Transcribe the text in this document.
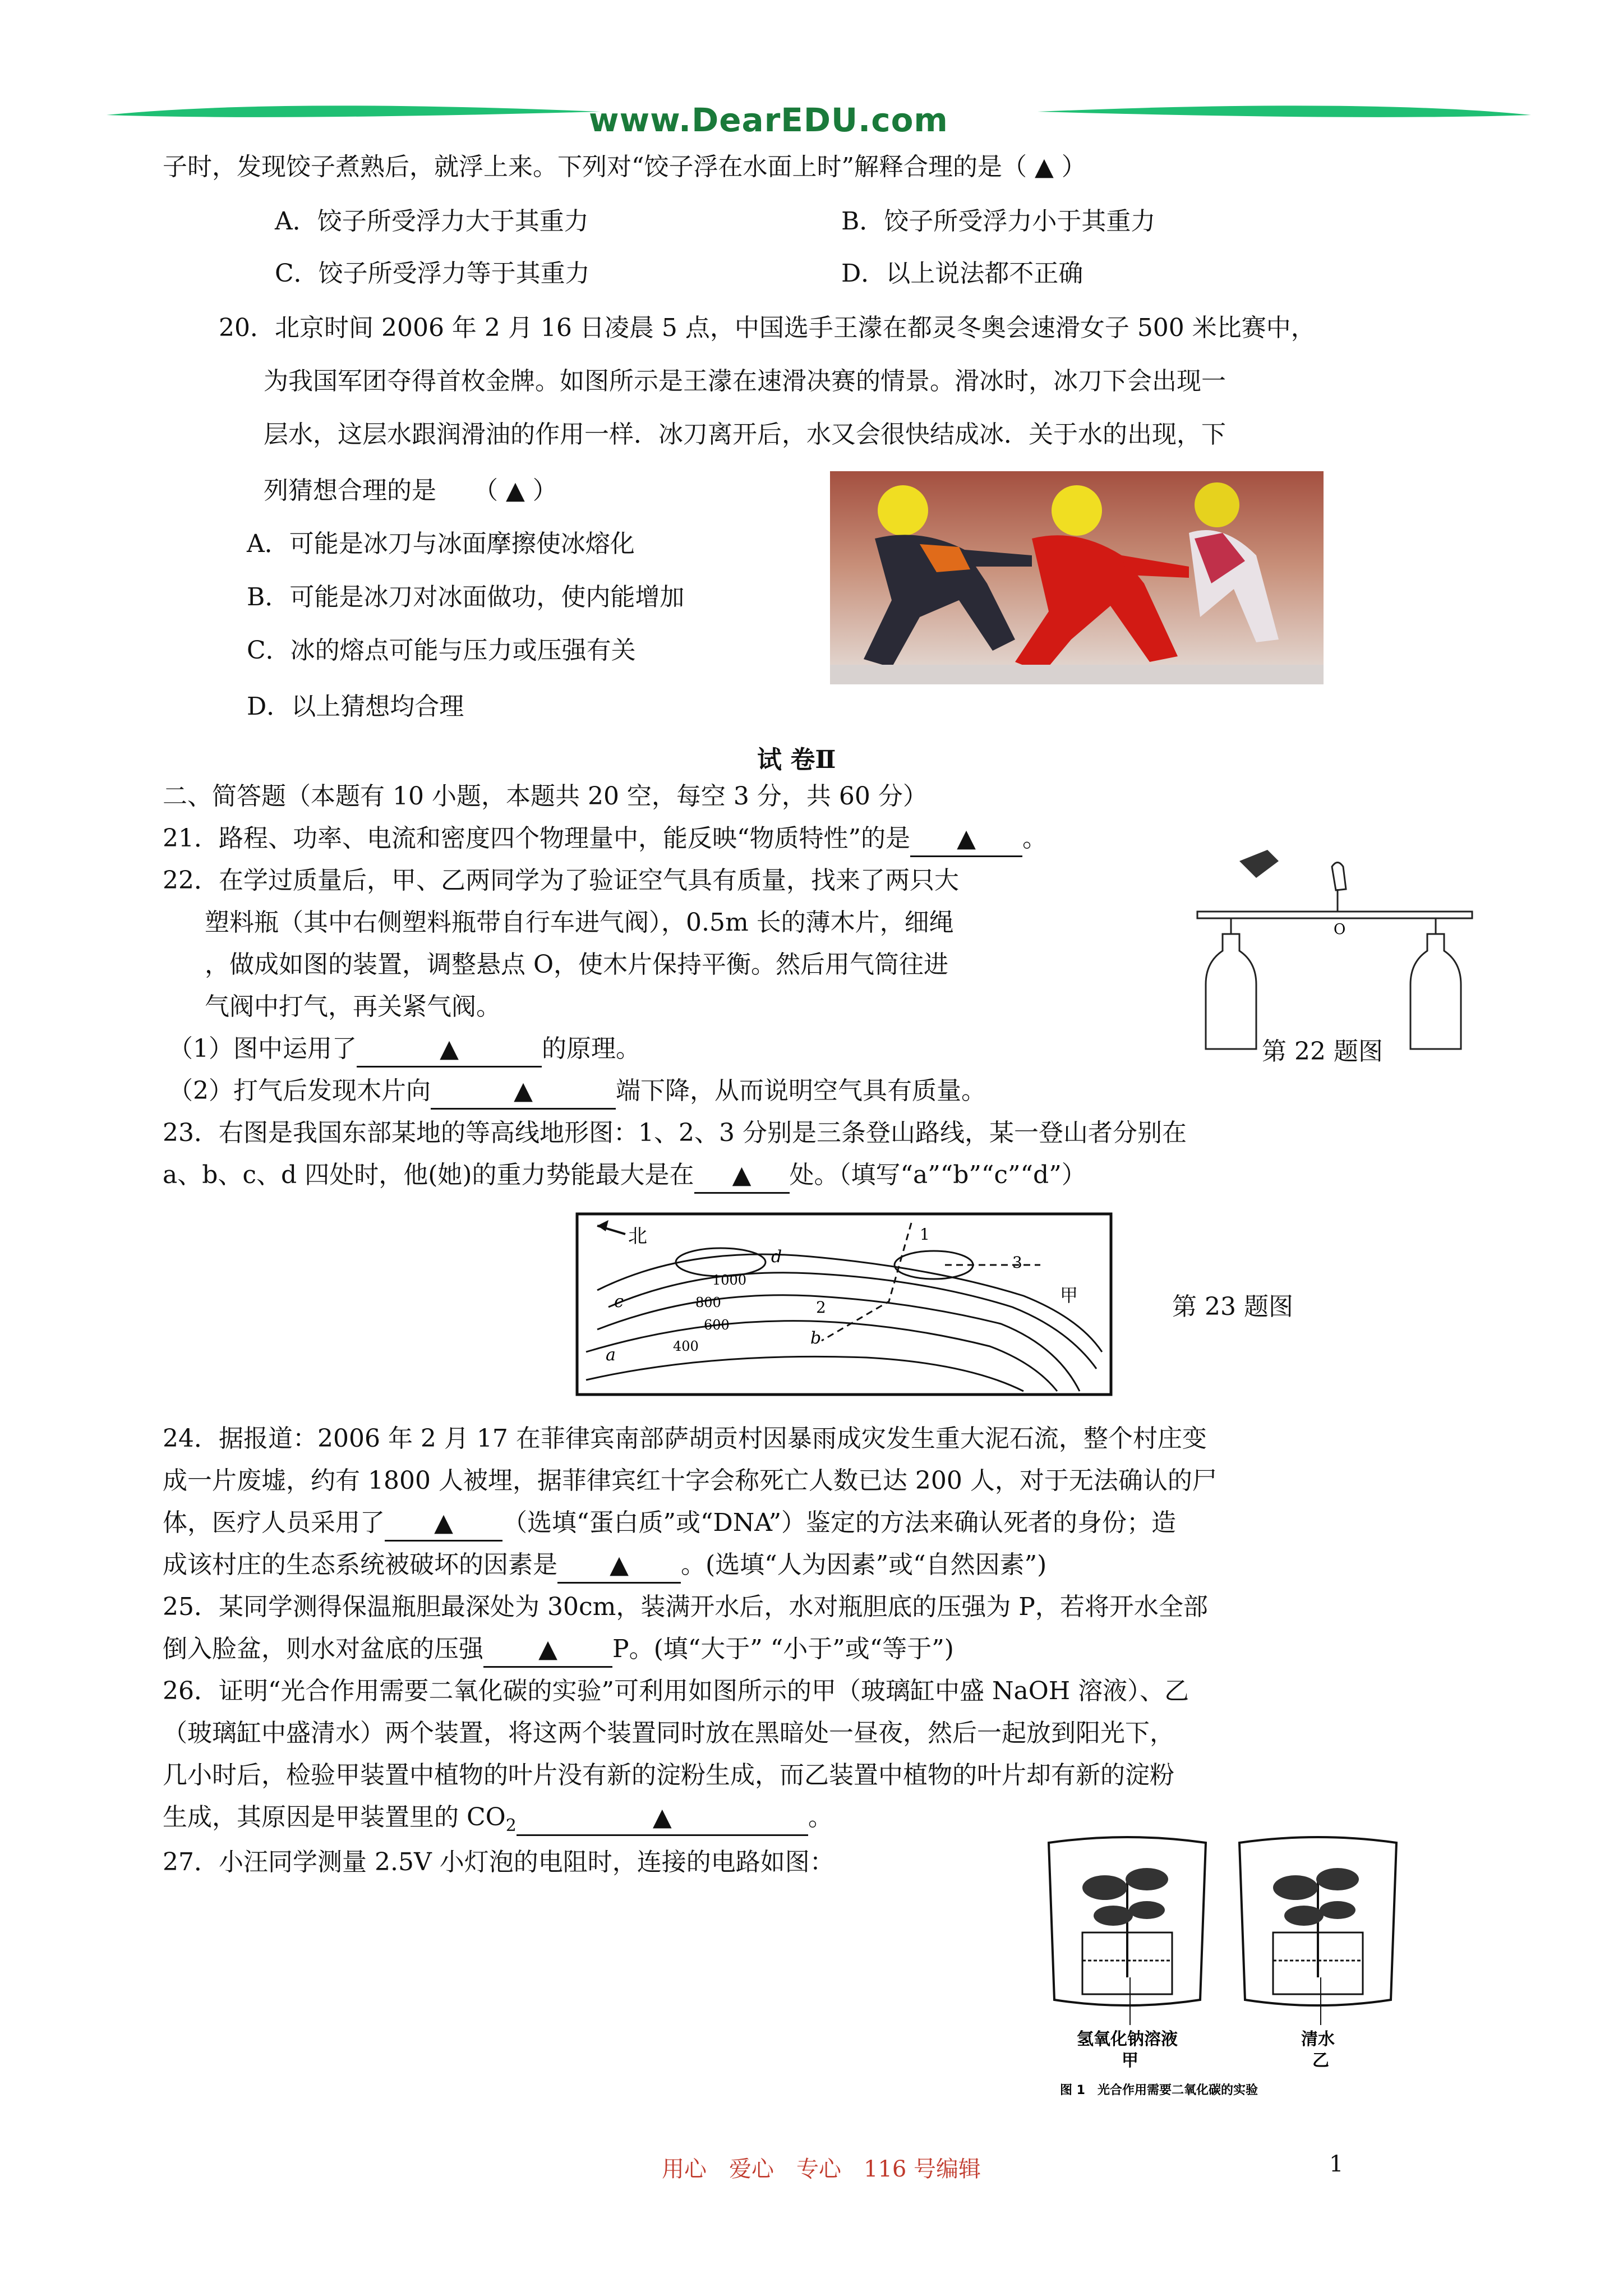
www.DearEDU.com
子时，发现饺子煮熟后，就浮上来。下列对“饺子浮在水面上时”解释合理的是（ ▲ ）
A．饺子所受浮力大于其重力	B．饺子所受浮力小于其重力
C．饺子所受浮力等于其重力	D．以上说法都不正确
20．北京时间 2006 年 2 月 16 日凌晨 5 点，中国选手王濛在都灵冬奥会速滑女子 500 米比赛中，
为我国军团夺得首枚金牌。如图所示是王濛在速滑决赛的情景。滑冰时，冰刀下会出现一
层水，这层水跟润滑油的作用一样．冰刀离开后，水又会很快结成冰．关于水的出现，下
列猜想合理的是　　（ ▲ ）
A．可能是冰刀与冰面摩擦使冰熔化
B．可能是冰刀对冰面做功，使内能增加
C．冰的熔点可能与压力或压强有关
D．以上猜想均合理
试 卷Ⅱ
二、简答题（本题有 10 小题，本题共 20 空，每空 3 分，共 60 分）
21．路程、功率、电流和密度四个物理量中，能反映“物质特性”的是 ▲ 。
22．在学过质量后，甲、乙两同学为了验证空气具有质量，找来了两只大
塑料瓶（其中右侧塑料瓶带自行车进气阀），0.5m 长的薄木片，细绳
，做成如图的装置，调整悬点 O，使木片保持平衡。然后用气筒往进
气阀中打气，再关紧气阀。
（1）图中运用了	▲	的原理。
（2）打气后发现木片向	▲	端下降，从而说明空气具有质量。
O
第 22 题图
23．右图是我国东部某地的等高线地形图：1、2、3 分别是三条登山路线，某一登山者分别在
a、b、c、d 四处时，他(她)的重力势能最大是在 ▲ 处。（填写“a”“b”“c”“d”）
北
1000
800
600
400
a
b
c
d
1
2
3
甲	第 23 题图
24．据报道：2006 年 2 月 17 在菲律宾南部萨胡贡村因暴雨成灾发生重大泥石流，整个村庄变
成一片废墟，约有 1800 人被埋，据菲律宾红十字会称死亡人数已达 200 人，对于无法确认的尸
体，医疗人员采用了 ▲ （选填“蛋白质”或“DNA”）鉴定的方法来确认死者的身份；造
成该村庄的生态系统被破坏的因素是 ▲ 。(选填“人为因素”或“自然因素”)
25．某同学测得保温瓶胆最深处为 30cm，装满开水后，水对瓶胆底的压强为 P，若将开水全部
倒入脸盆，则水对盆底的压强 ▲ P。(填“大于” “小于”或“等于”)
26．证明“光合作用需要二氧化碳的实验”可利用如图所示的甲（玻璃缸中盛 NaOH 溶液）、乙
（玻璃缸中盛清水）两个装置，将这两个装置同时放在黑暗处一昼夜，然后一起放到阳光下，
几小时后，检验甲装置中植物的叶片没有新的淀粉生成，而乙装置中植物的叶片却有新的淀粉
生成，其原因是甲装置里的 $CO_2$	▲	。
27．小汪同学测量 2.5V 小灯泡的电阻时，连接的电路如图：
氢氧化钠溶液
甲
清水
乙
图 1　光合作用需要二氧化碳的实验
用心　爱心　专心　116 号编辑	1
